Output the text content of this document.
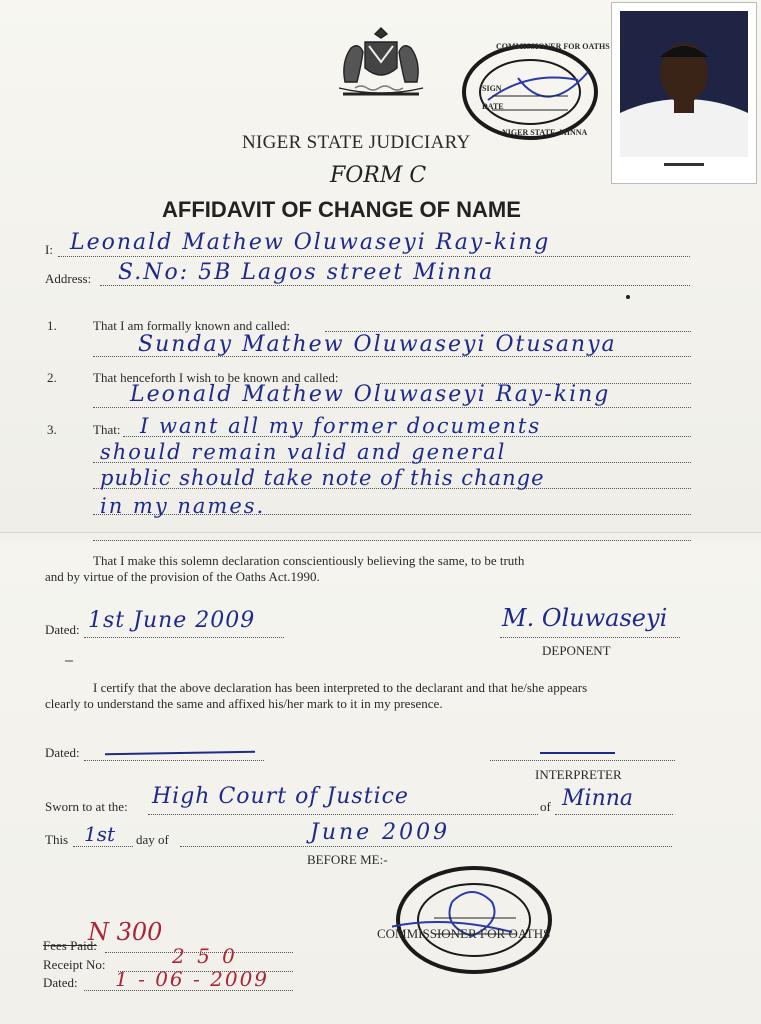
COMMISSIONER FOR OATHS
SIGN
DATE
NIGER STATE, MINNA
NIGER STATE JUDICIARY
FORM C
AFFIDAVIT OF CHANGE OF NAME
I: Leonald Mathew Oluwaseyi Ray-king
Address: S.No: 5B Lagos street Minna
1.	That I am formally known and called:
Sunday Mathew Oluwaseyi Otusanya
2.	That henceforth I wish to be known and called:
Leonald Mathew Oluwaseyi Ray-king
3.	That: I want all my former documents
should remain valid and general
public should take note of this change
in my names.
That I make this solemn declaration conscientiously believing the same, to be truth
and by virtue of the provision of the Oaths Act.1990.
Dated: 1st June 2009	M. Oluwaseyi
DEPONENT
I certify that the above declaration has been interpreted to the declarant and that he/she appears
clearly to understand the same and affixed his/her mark to it in my presence.
Dated:
INTERPRETER
Sworn to at the: High Court of Justice	of Minna
This 1st day of	June 2009
BEFORE ME:-
COMMISSIONER FOR OATHS
Fees Paid:
N 300
Receipt No:	2 5 0
Dated: 1 - 06 - 2009
